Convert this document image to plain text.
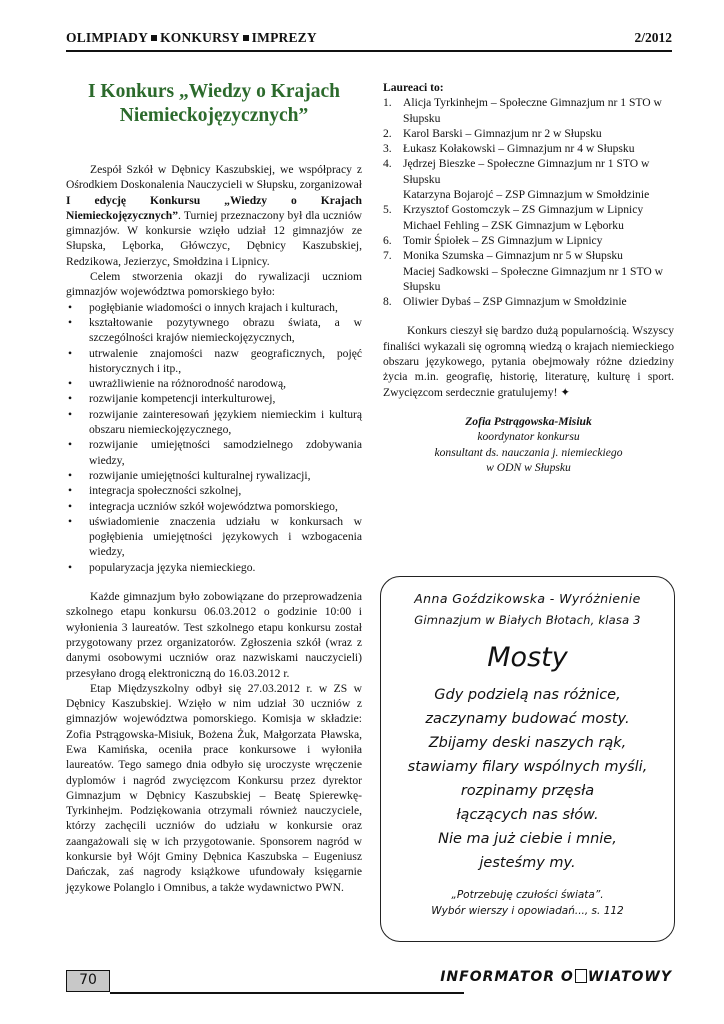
OLIMPIADY KONKURSY IMPREZY	2/2012
I Konkurs „Wiedzy o Krajach Niemieckojęzycznych”

Zespół Szkół w Dębnicy Kaszubskiej, we współpracy z Ośrodkiem Doskonalenia Nauczycieli w Słupsku, zorganizował I edycję Konkursu „Wiedzy o Krajach Niemieckojęzycznych”. Turniej przeznaczony był dla uczniów gimnazjów. W konkursie wzięło udział 12 gimnazjów ze Słupska, Lęborka, Główczyc, Dębnicy Kaszubskiej, Redzikowa, Jezierzyc, Smołdzina i Lipnicy.

Celem stworzenia okazji do rywalizacji uczniom gimnazjów województwa pomorskiego było:

• pogłębianie wiadomości o innych krajach i kulturach,
• kształtowanie pozytywnego obrazu świata, a w szczególności krajów niemieckojęzycznych,
• utrwalenie znajomości nazw geograficznych, pojęć historycznych i itp.,
• uwrażliwienie na różnorodność narodową,
• rozwijanie kompetencji interkulturowej,
• rozwijanie zainteresowań językiem niemieckim i kulturą obszaru niemieckojęzycznego,
• rozwijanie umiejętności samodzielnego zdobywania wiedzy,
• rozwijanie umiejętności kulturalnej rywalizacji,
• integracja społeczności szkolnej,
• integracja uczniów szkół województwa pomorskiego,
• uświadomienie znaczenia udziału w konkursach w pogłębienia umiejętności językowych i wzbogacenia wiedzy,
• popularyzacja języka niemieckiego.

Każde gimnazjum było zobowiązane do przeprowadzenia szkolnego etapu konkursu 06.03.2012 o godzinie 10:00 i wyłonienia 3 laureatów. Test szkolnego etapu konkursu został przygotowany przez organizatorów. Zgłoszenia szkół (wraz z danymi osobowymi uczniów oraz nazwiskami nauczycieli) przesyłano drogą elektroniczną do 16.03.2012 r.

Etap Międzyszkolny odbył się 27.03.2012 r. w ZS w Dębnicy Kaszubskiej. Wzięło w nim udział 30 uczniów z gimnazjów województwa pomorskiego. Komisja w składzie: Zofia Pstrągowska-Misiuk, Bożena Żuk, Małgorzata Pławska, Ewa Kamińska, oceniła prace konkursowe i wyłoniła laureatów. Tego samego dnia odbyło się uroczyste wręczenie dyplomów i nagród zwycięzcom Konkursu przez dyrektor Gimnazjum w Dębnicy Kaszubskiej – Beatę Spierewkę-Tyrkinhejm. Podziękowania otrzymali również nauczyciele, którzy zachęcili uczniów do udziału w konkursie oraz zaangażowali się w ich przygotowanie. Sponsorem nagród w konkursie był Wójt Gminy Dębnica Kaszubska – Eugeniusz Dańczak, zaś nagrody książkowe ufundowały księgarnie językowe Polanglo i Omnibus, a także wydawnictwo PWN.

Laureaci to:

1. Alicja Tyrkinhejm – Społeczne Gimnazjum nr 1 STO w Słupsku
2. Karol Barski – Gimnazjum nr 2 w Słupsku
3. Łukasz Kołakowski – Gimnazjum nr 4 w Słupsku
4. Jędrzej Bieszke – Społeczne Gimnazjum nr 1 STO w Słupsku
Katarzyna Bojarojć – ZSP Gimnazjum w Smołdzinie
5. Krzysztof Gostomczyk – ZS Gimnazjum w Lipnicy
Michael Fehling – ZSK Gimnazjum w Lęborku
6. Tomir Śpiołek – ZS Gimnazjum w Lipnicy
7. Monika Szumska – Gimnazjum nr 5 w Słupsku
Maciej Sadkowski – Społeczne Gimnazjum nr 1 STO w Słupsku
8. Oliwier Dybaś – ZSP Gimnazjum w Smołdzinie

Konkurs cieszył się bardzo dużą popularnością. Wszyscy finaliści wykazali się ogromną wiedzą o krajach niemieckiego obszaru językowego, pytania obejmowały różne dziedziny życia m.in. geografię, historię, literaturę, kulturę i sport. Zwycięzcom serdecznie gratulujemy! ✦

Zofia Pstrągowska-Misiuk
koordynator konkursu
konsultant ds. nauczania j. niemieckiego
w ODN w Słupsku
Anna Goździkowska - Wyróżnienie
Gimnazjum w Białych Błotach, klasa 3
Mosty
Gdy podzielą nas różnice,
zaczynamy budować mosty.
Zbijamy deski naszych rąk,
stawiamy filary wspólnych myśli,
rozpinamy przęsła
łączących nas słów.
Nie ma już ciebie i mnie,
jesteśmy my.
„Potrzebuję czułości świata”.
Wybór wierszy i opowiadań..., s. 112
70	INFORMATOR O WIATOWY
